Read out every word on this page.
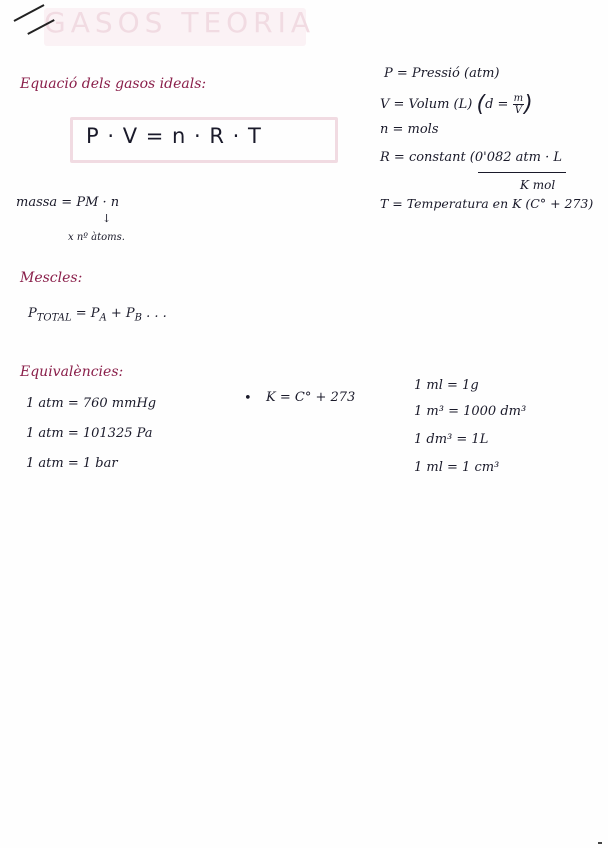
GASOS TEORIA
Equació dels gasos ideals:
P · V = n · R · T
P = Pressió (atm)
V = Volum (L) ($d = \frac{m}{V}$ )
n = mols
R = constant (0'082 atm · L
K mol
T = Temperatura en K (C° + 273)
massa = PM · n
↓
x nº àtoms.
Mescles:
$P_{TOTAL} = P_A + P_B$ . . .
Equivalències:
1 atm = 760 mmHg
1 atm = 101325 Pa
1 atm = 1 bar
• K = C° + 273
1 ml = 1g
1 m³ = 1000 dm³
1 dm³ = 1L
1 ml = 1 cm³
